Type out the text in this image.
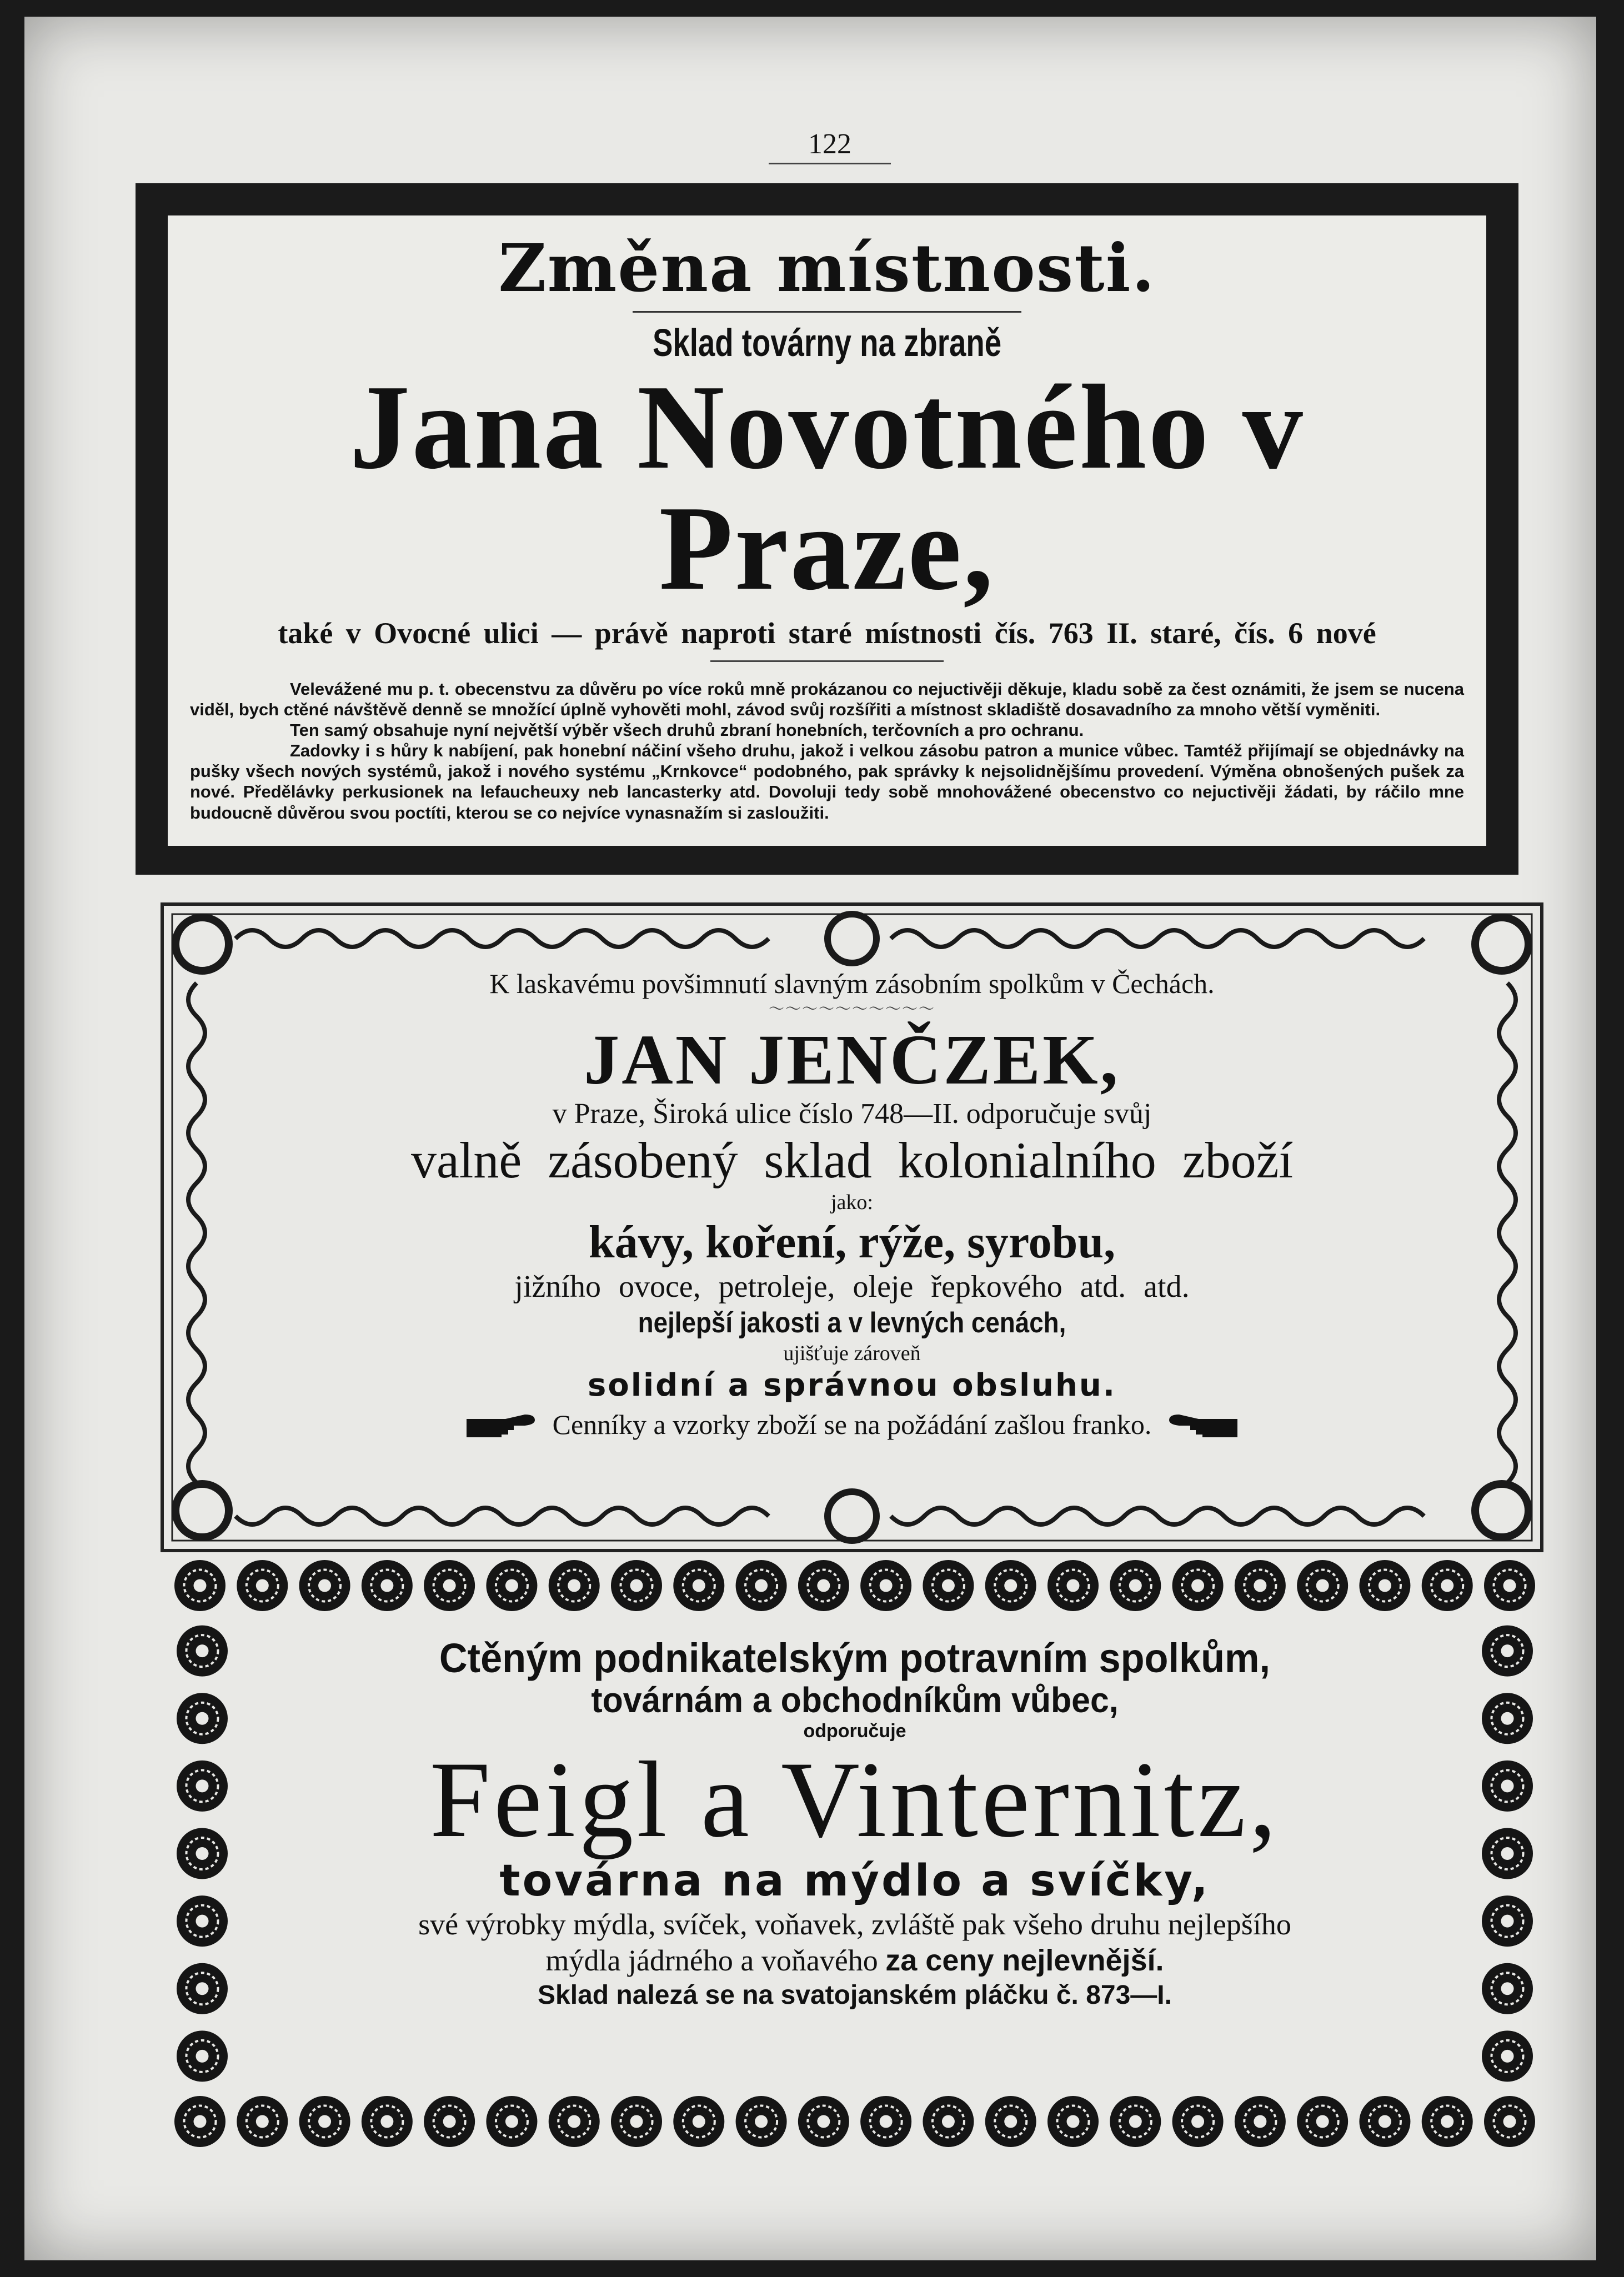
122
Změna místnosti.
Sklad továrny na zbraně
Jana Novotného v Praze,
také v Ovocné ulici — právě naproti staré místnosti čís. 763 II. staré, čís. 6 nové

Velevážené mu p. t. obecenstvu za důvěru po více roků mně prokázanou co nejuctivěji děkuje, kladu sobě za čest oznámiti, že jsem se nucena viděl, bych ctěné návštěvě denně se množící úplně vyhověti mohl, závod svůj rozšířiti a místnost skladiště dosavadního za mnoho větší vyměniti.

Ten samý obsahuje nyní největší výběr všech druhů zbraní honebních, terčovních a pro ochranu.

Zadovky i s hůry k nabíjení, pak honební náčiní všeho druhu, jakož i velkou zásobu patron a munice vůbec. Tamtéž přijímají se objednávky na pušky všech nových systémů, jakož i nového systému „Krnkovce“ podobného, pak správky k nejsolidnějšímu provedení. Výměna obnošených pušek za nové. Předělávky perkusionek na lefaucheuxy neb lancasterky atd. Dovoluji tedy sobě mnohovážené obecenstvo co nejuctivěji žádati, by ráčilo mne budoucně důvěrou svou poctíti, kterou se co nejvíce vynasnažím si zasloužiti.

K laskavému povšimnutí slavným zásobním spolkům v Čechách.

～～～～～～～～～～

JAN JENČZEK,

v Praze, Široká ulice číslo 748—II. odporučuje svůj

valně zásobený sklad kolonialního zboží

jako:

kávy, koření, rýže, syrobu,

jižního ovoce, petroleje, oleje řepkového atd. atd.

nejlepší jakosti a v levných cenách,

ujišťuje zároveň

solidní a správnou obsluhu.

Cenníky a vzorky zboží se na požádání zašlou franko.

Ctěným podnikatelským potravním spolkům,

továrnám a obchodníkům vůbec,

odporučuje

Feigl a Vinternitz,

továrna na mýdlo a svíčky,

své výrobky mýdla, svíček, voňavek, zvláště pak všeho druhu nejlepšího

mýdla jádrného a voňavého za ceny nejlevnější.

Sklad nalezá se na svatojanském pláčku č. 873—I.
